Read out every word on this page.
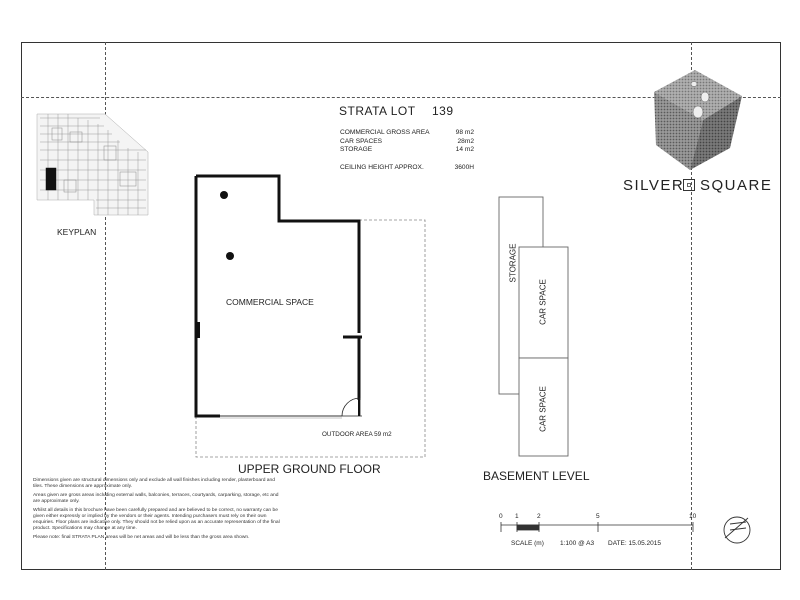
STRATA LOT 139
COMMERCIAL GROSS AREA	98 m2
CAR SPACES	28m2
STORAGE	14 m2
CEILING HEIGHT APPROX.	3600H
SILVER SQUARE
KEYPLAN
COMMERCIAL SPACE
OUTDOOR AREA 59 m2
UPPER GROUND FLOOR
STORAGE
CAR SPACE
CAR SPACE
BASEMENT LEVEL
0 1	2	5	10
SCALE (m) 1:100 @ A3 DATE: 15.05.2015

Dimensions given are structural dimensions only and exclude all wall finishes including render, plasterboard and tiles. These dimensions are approximate only.

Areas given are gross areas including external walls, balconies, terraces, courtyards, carparking, storage, etc and are approximate only.

Whilst all details in this brochure have been carefully prepared and are believed to be correct, no warranty can be given either expressly or implied by the vendors or their agents. Intending purchasers must rely on their own enquiries. Floor plans are indicative only. They should not be relied upon as an accurate representation of the final product. Specifications may change at any time.

Please note: final STRATA PLAN areas will be net areas and will be less than the gross area shown.
